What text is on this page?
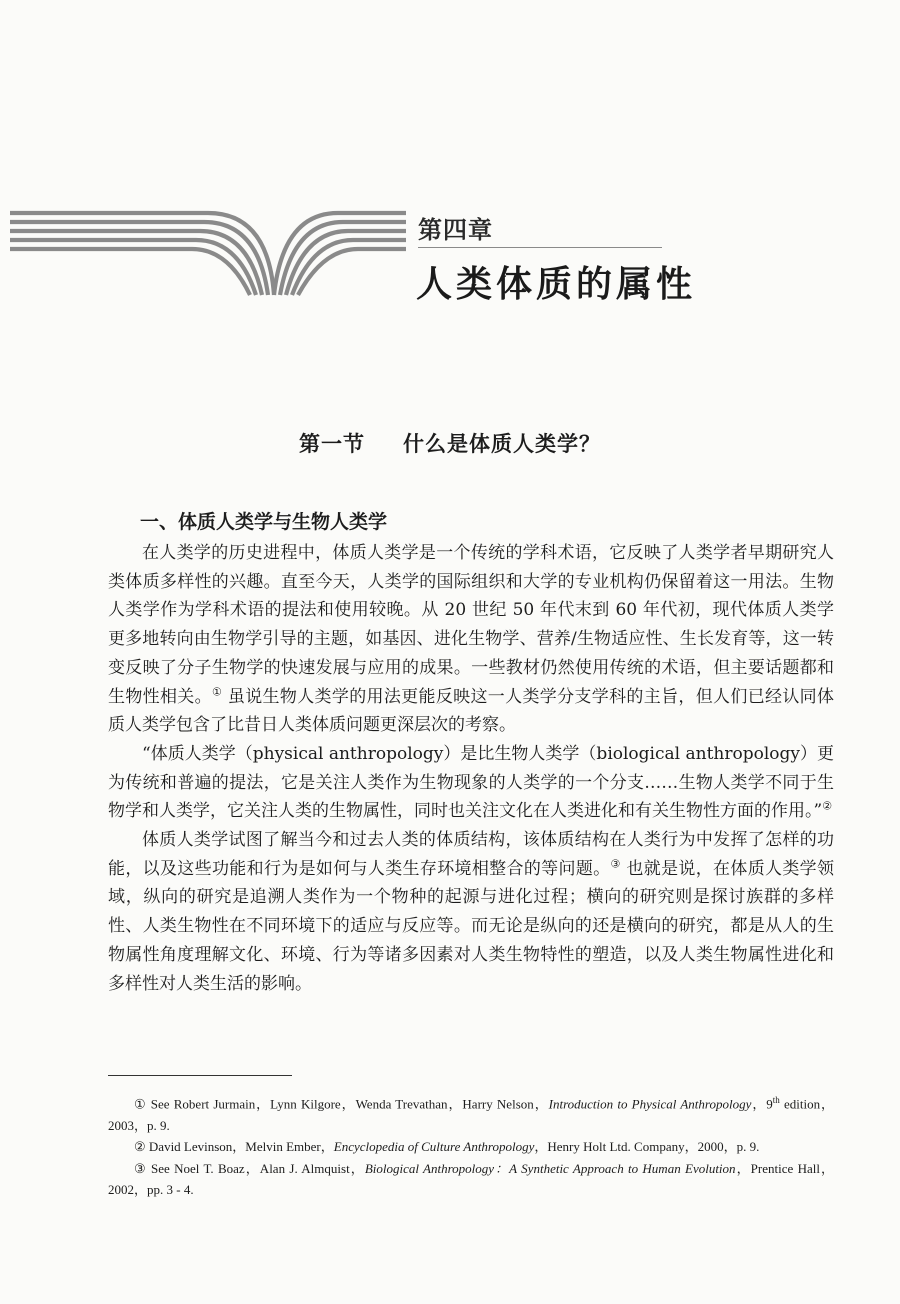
第四章
人类体质的属性
第一节 什么是体质人类学？
一、体质人类学与生物人类学

在人类学的历史进程中，体质人类学是一个传统的学科术语，它反映了人类学者早期研究人类体质多样性的兴趣。直至今天，人类学的国际组织和大学的专业机构仍保留着这一用法。生物人类学作为学科术语的提法和使用较晚。从 20 世纪 50 年代末到 60 年代初，现代体质人类学更多地转向由生物学引导的主题，如基因、进化生物学、营养/生物适应性、生长发育等，这一转变反映了分子生物学的快速发展与应用的成果。一些教材仍然使用传统的术语，但主要话题都和生物性相关。① 虽说生物人类学的用法更能反映这一人类学分支学科的主旨，但人们已经认同体质人类学包含了比昔日人类体质问题更深层次的考察。

“体质人类学（physical anthropology）是比生物人类学（biological anthropology）更为传统和普遍的提法，它是关注人类作为生物现象的人类学的一个分支……生物人类学不同于生物学和人类学，它关注人类的生物属性，同时也关注文化在人类进化和有关生物性方面的作用。”②

体质人类学试图了解当今和过去人类的体质结构，该体质结构在人类行为中发挥了怎样的功能，以及这些功能和行为是如何与人类生存环境相整合的等问题。③ 也就是说，在体质人类学领域，纵向的研究是追溯人类作为一个物种的起源与进化过程；横向的研究则是探讨族群的多样性、人类生物性在不同环境下的适应与反应等。而无论是纵向的还是横向的研究，都是从人的生物属性角度理解文化、环境、行为等诸多因素对人类生物特性的塑造，以及人类生物属性进化和多样性对人类生活的影响。

① See Robert Jurmain，Lynn Kilgore，Wenda Trevathan，Harry Nelson，Introduction to Physical Anthropology，9th edition，2003，p. 9.

② David Levinson，Melvin Ember，Encyclopedia of Culture Anthropology，Henry Holt Ltd. Company，2000，p. 9.

③ See Noel T. Boaz，Alan J. Almquist，Biological Anthropology：A Synthetic Approach to Human Evolution，Prentice Hall，2002，pp. 3 - 4.
